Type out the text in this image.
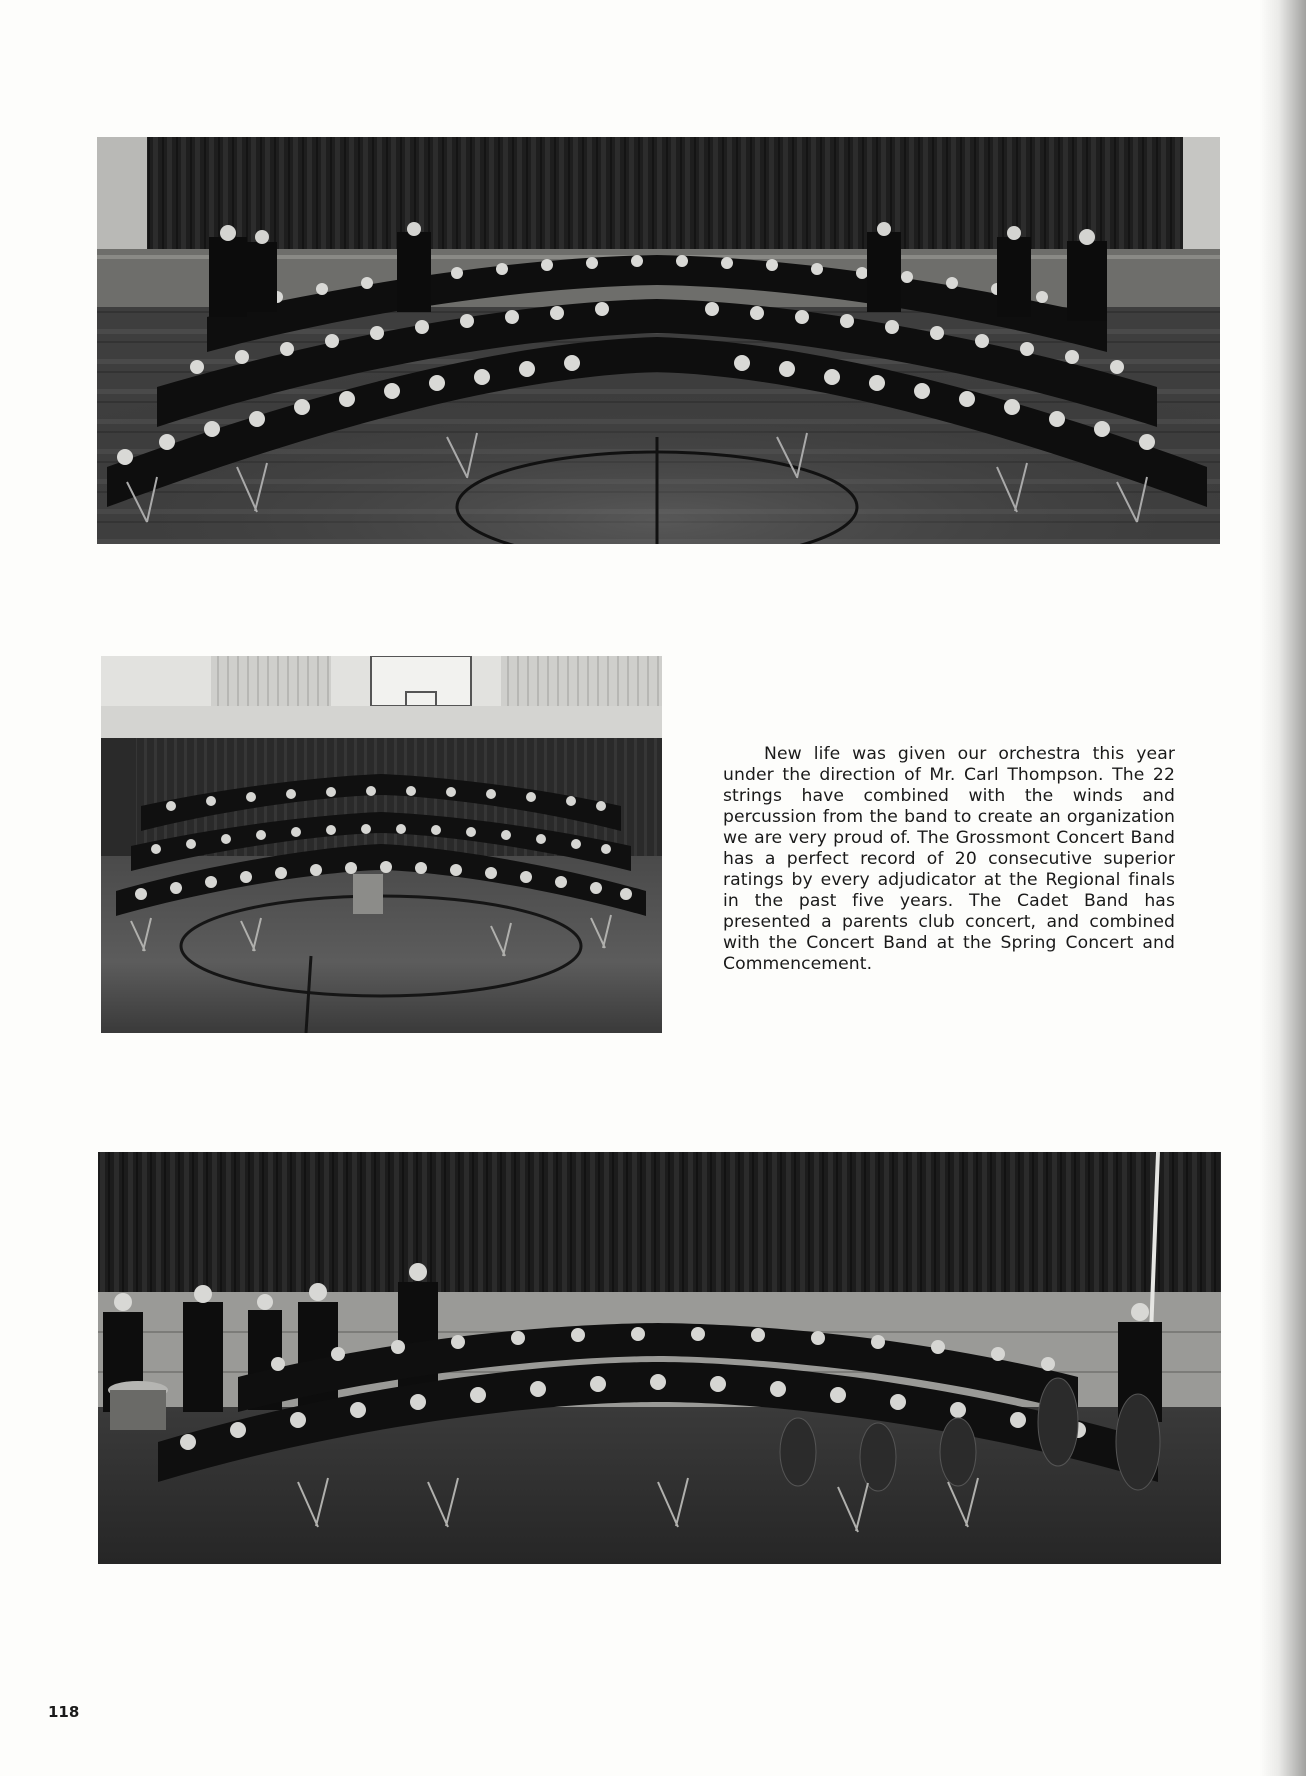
New life was given our orchestra this year under the direction of Mr. Carl Thompson. The 22 strings have combined with the winds and percussion from the band to create an organization we are very proud of. The Grossmont Concert Band has a perfect record of 20 consecutive superior ratings by every adjudicator at the Regional finals in the past five years. The Cadet Band has presented a parents club concert, and combined with the Concert Band at the Spring Concert and Commencement.

118
